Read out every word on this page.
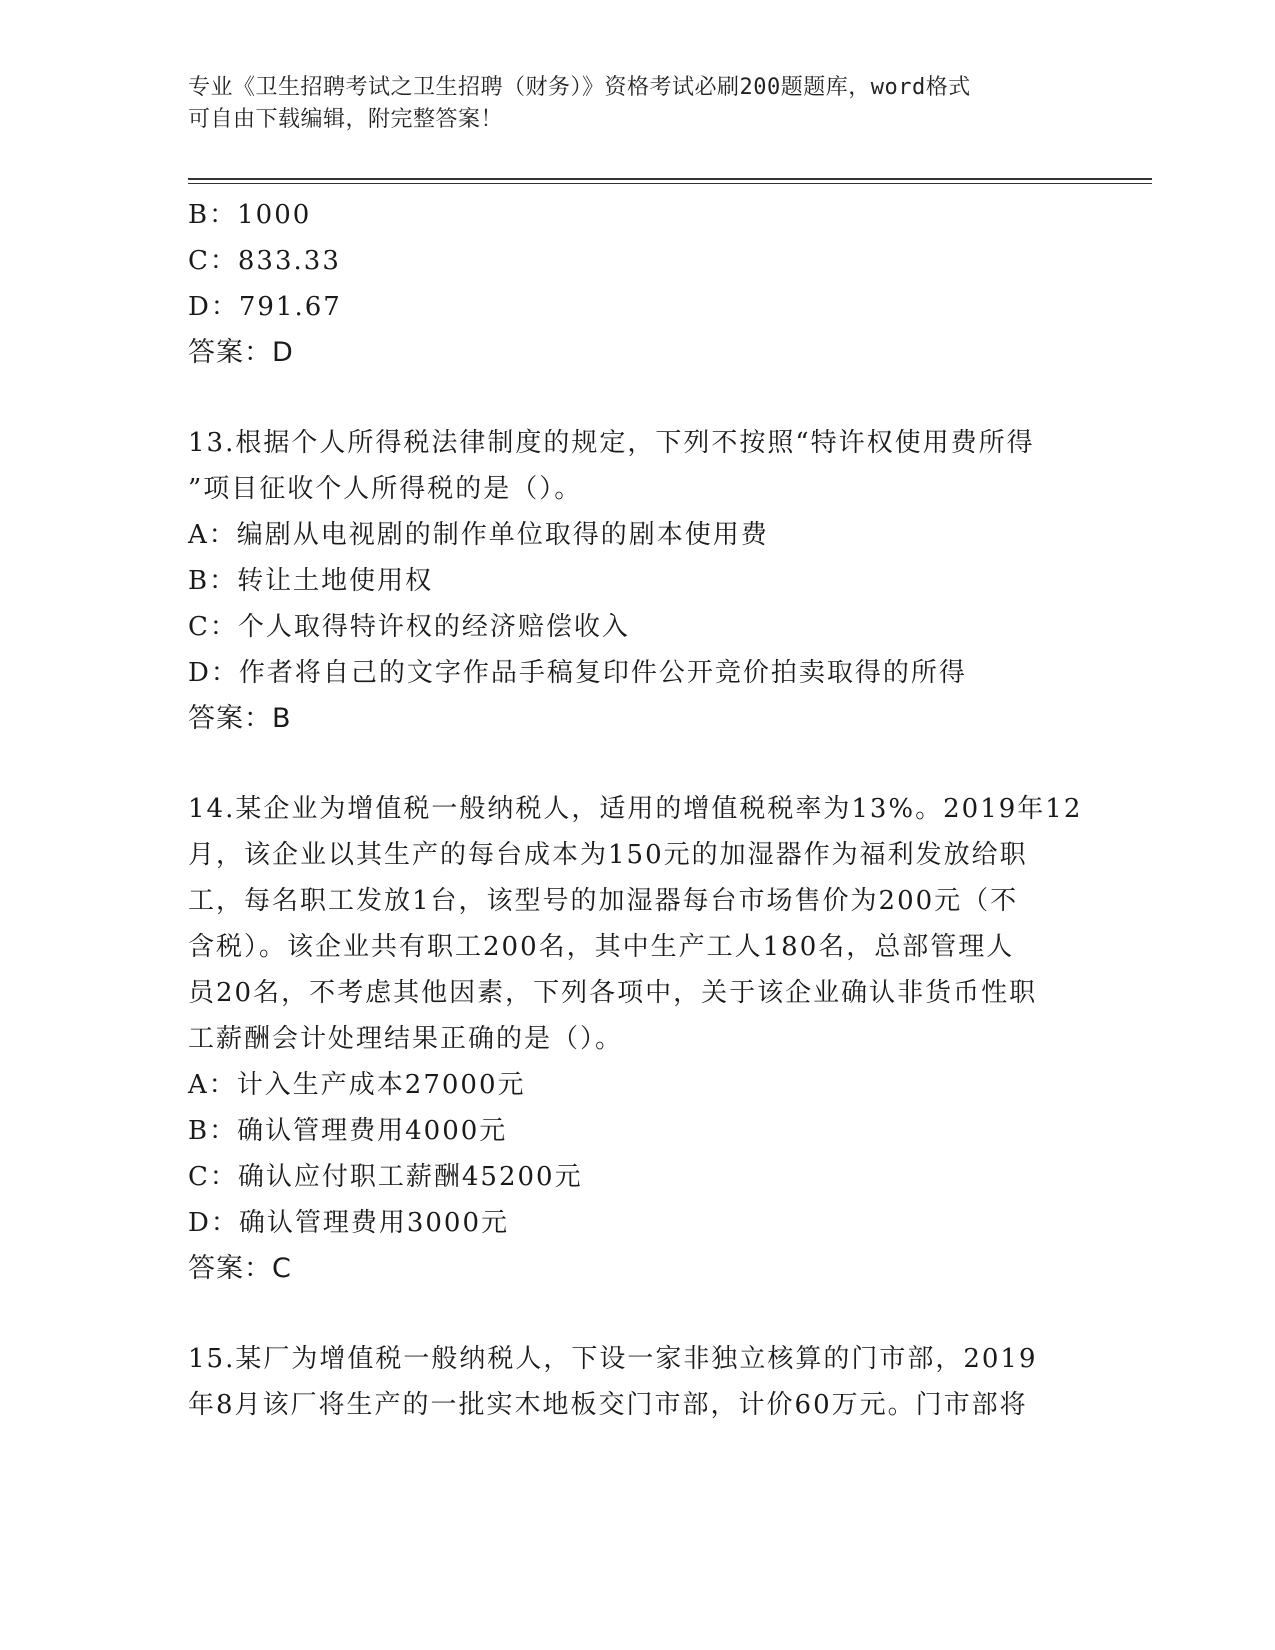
专业《卫生招聘考试之卫生招聘（财务）》资格考试必刷200题题库，word格式
可自由下载编辑，附完整答案！
B：1000
C：833.33
D：791.67
答案：D
13.根据个人所得税法律制度的规定，下列不按照“特许权使用费所得
”项目征收个人所得税的是（）。
A：编剧从电视剧的制作单位取得的剧本使用费
B：转让土地使用权
C：个人取得特许权的经济赔偿收入
D：作者将自己的文字作品手稿复印件公开竞价拍卖取得的所得
答案：B
14.某企业为增值税一般纳税人，适用的增值税税率为13%。2019年12
月，该企业以其生产的每台成本为150元的加湿器作为福利发放给职
工，每名职工发放1台，该型号的加湿器每台市场售价为200元（不
含税）。该企业共有职工200名，其中生产工人180名，总部管理人
员20名，不考虑其他因素，下列各项中，关于该企业确认非货币性职
工薪酬会计处理结果正确的是（）。
A：计入生产成本27000元
B：确认管理费用4000元
C：确认应付职工薪酬45200元
D：确认管理费用3000元
答案：C
15.某厂为增值税一般纳税人，下设一家非独立核算的门市部，2019
年8月该厂将生产的一批实木地板交门市部，计价60万元。门市部将
